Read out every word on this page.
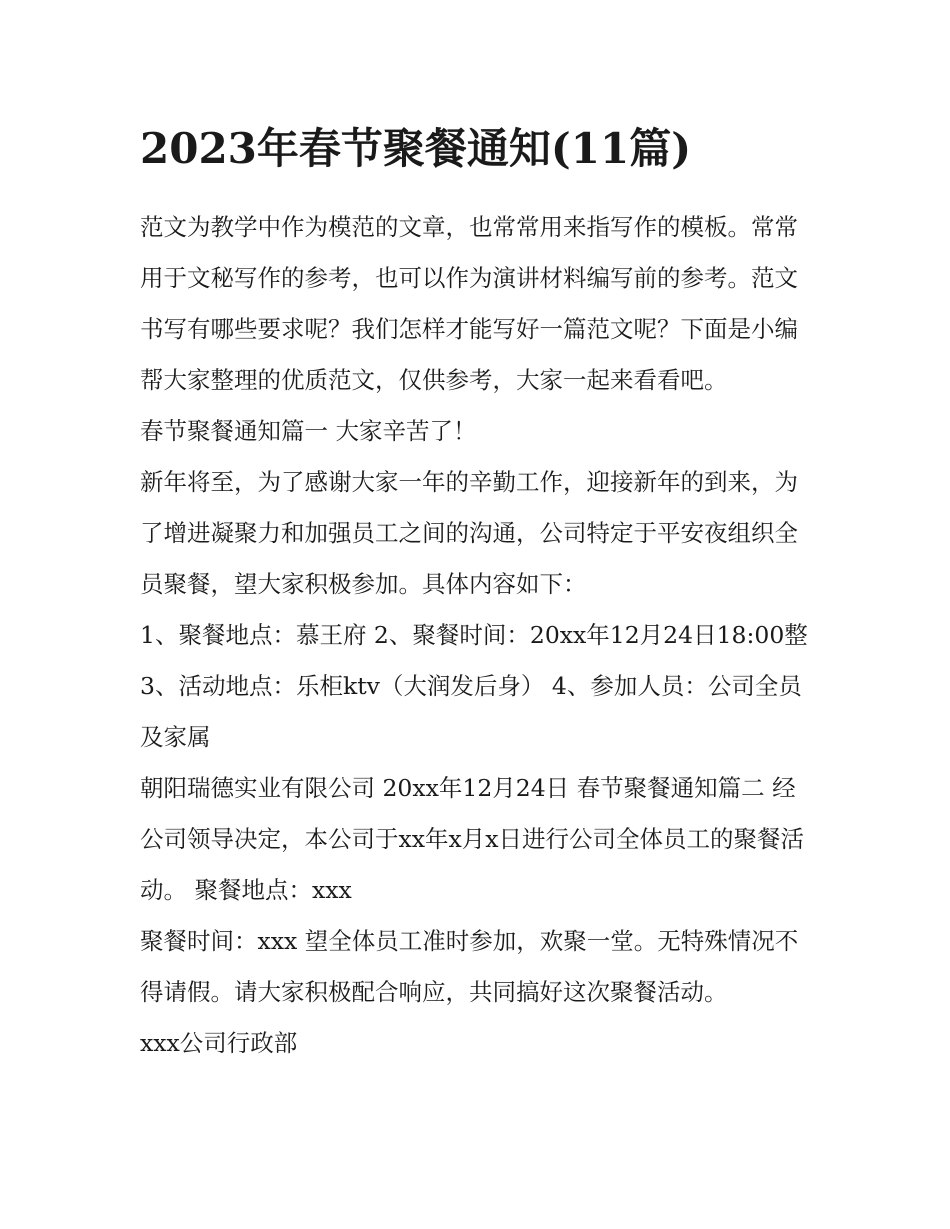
2023年春节聚餐通知(11篇)

范文为教学中作为模范的文章，也常常用来指写作的模板。常常用于文秘写作的参考，也可以作为演讲材料编写前的参考。范文书写有哪些要求呢？我们怎样才能写好一篇范文呢？下面是小编帮大家整理的优质范文，仅供参考，大家一起来看看吧。

春节聚餐通知篇一 大家辛苦了！

新年将至，为了感谢大家一年的辛勤工作，迎接新年的到来，为了增进凝聚力和加强员工之间的沟通，公司特定于平安夜组织全员聚餐，望大家积极参加。具体内容如下：

1、聚餐地点：慕王府 2、聚餐时间：20xx年12月24日18:00整 3、活动地点：乐柜ktv（大润发后身） 4、参加人员：公司全员及家属

朝阳瑞德实业有限公司 20xx年12月24日 春节聚餐通知篇二 经公司领导决定，本公司于xx年x月x日进行公司全体员工的聚餐活动。 聚餐地点：xxx

聚餐时间：xxx 望全体员工准时参加，欢聚一堂。无特殊情况不得请假。请大家积极配合响应，共同搞好这次聚餐活动。

xxx公司行政部
